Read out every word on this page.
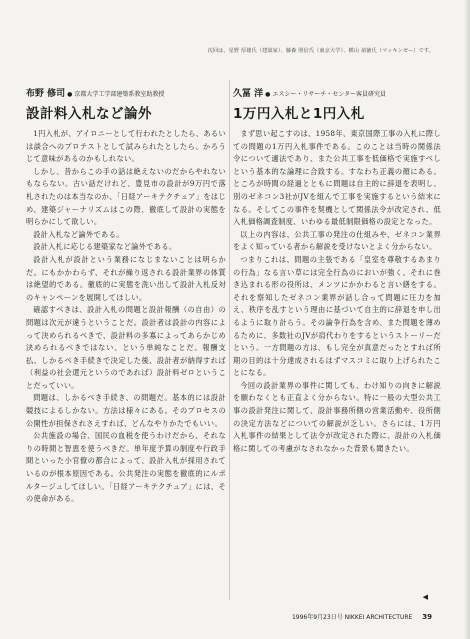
次回は、星野 厚雄氏（建築家）、藤森 照信氏（東京大学）、横山 禎徳氏（マッキンゼー）です。
布野 修司 ● 京都大学工学部建築系教室助教授
設計料入札など論外

1円入札が、アイロニーとして行われたとしたら、あるいは談合へのプロテストとして試みられたとしたら、かろうじて意味があるのかもしれない。

しかし、昔からこの手の話は絶えないのだからやれないもならない。古い話だけれど、豊見市の設計が9万円で落札されたのは本当なのか、「日経アーキテクチュア」をはじめ、建築ジャーナリズムはこの際、徹底して設計の実態を明らかにして欲しい。

設計入札など論外である。

設計入札に応じる建築家など論外である。

設計入札が設計という業務になじまないことは明らかだ。にもかかわらず、それが繰り返される設計業界の体質は絶望的である。徹底的に実態を洗い出して設計入札反対のキャンペーンを展開してほしい。

確認すべきは、設計入札の問題と設計報酬（の自由）の問題は次元が違うということだ。設計者は設計の内容によって決められるべきで、設計料の多寡によってあらかじめ決められるべきではない、という単純なことだ。報酬支払、しかるべき手続きで決定した後、設計者が納得すれば（利益の社会還元というのであれば）設計料ゼロということだっていい。

問題は、しかるべき手続き、の問題だ。基本的には設計競技によるしかない。方法は様々にある。そのプロセスの公開性が担保されさえすれば、どんなやりかたでもいい。

公共施設の場合、国民の血税を使うわけだから、それなりの時間と智恵を使うべきだ。単年度予算の制度や行政手間といった小官僚の都合によって、設計入札が採用されているのが根本原因である。公共発注の実態を徹底的にルポルタージュしてほしい。「日経アーキテクチュア」には、その使命がある。

久冨 洋 ● エスシー・リサーチ・センター客員研究員
1万円入札と1円入札

まず思い起こすのは、1958年、東京国際工事の入札に際しての問題の1万円入札事件である。このことは当時の関係法令について適法であり、また公共工事を低価格で実施すべしという基本的な論理に合致する。すなわち正義の顔にある。ところが時間の経過とともに問題は自主的に辞退を表明し、別のゼネコン3社がJVを組んで工事を実施するという結末になる。そしてこの事件を契機として関係法令が改定され、低入札価格調査制度、いわゆる最低制限価格の設定となった。

以上の内容は、公共工事の発注の仕組みや、ゼネコン業界をよく知っている者から解説を受けないとよく分からない。

つまりこれは、問題の主張である「皇室を尊敬するあまりの行為」なる言い草には完全行為のにおいが強く、それに巻き込まれる形の役所は、メンツにかかわると言い繕をする。それを察知したゼネコン業界が話し合って問題に圧力を加え、秩序を乱すという理由に基づいて自主的に辞退を申し出るように取り計らう。その論争行為を含め、また問題を薄めるために、多数社のJVが肩代わりをするというストーリーだという。一方問題の方は、もし完全が真意だったとすれば所期の目的は十分達成されるはずマスコミに取り上げられたことになる。

今回の設計業界の事件に関しても、わけ知りの向きに解説を願わなくとも正直よく分からない。特に一般の大型公共工事の設計発注に関して、設計事務所側の営業活動や、役所側の決定方法などについての解説が乏しい。さらには、1万円入札事件の結果として法令が改定された際に、設計の入札価格に関しての考慮がなされなかった背景も聞きたい。

◀
1996年9月23日号 NIKKEI ARCHITECTURE 39
